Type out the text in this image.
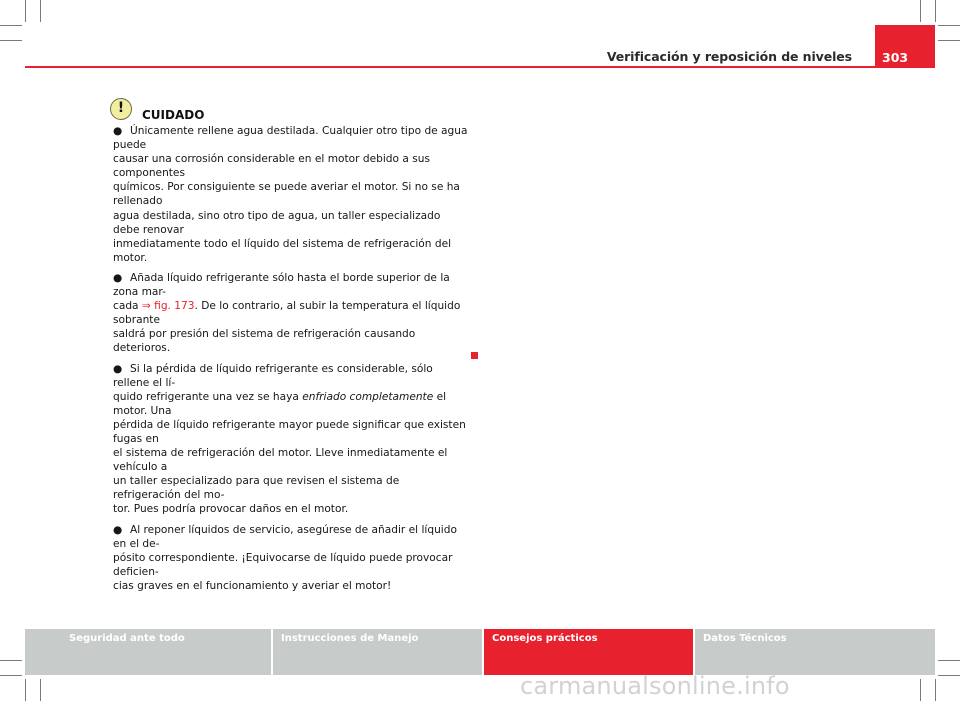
Verificación y reposición de niveles 303
!	CUIDADO

● Únicamente rellene agua destilada. Cualquier otro tipo de agua puede
causar una corrosión considerable en el motor debido a sus componentes
químicos. Por consiguiente se puede averiar el motor. Si no se ha rellenado
agua destilada, sino otro tipo de agua, un taller especializado debe renovar
inmediatamente todo el líquido del sistema de refrigeración del motor.

● Añada líquido refrigerante sólo hasta el borde superior de la zona mar-
cada ⇒ fig. 173. De lo contrario, al subir la temperatura el líquido sobrante
saldrá por presión del sistema de refrigeración causando deterioros.

● Si la pérdida de líquido refrigerante es considerable, sólo rellene el lí-
quido refrigerante una vez se haya enfriado completamente el motor. Una
pérdida de líquido refrigerante mayor puede significar que existen fugas en
el sistema de refrigeración del motor. Lleve inmediatamente el vehículo a
un taller especializado para que revisen el sistema de refrigeración del mo-
tor. Pues podría provocar daños en el motor.

● Al reponer líquidos de servicio, asegúrese de añadir el líquido en el de-
pósito correspondiente. ¡Equivocarse de líquido puede provocar deficien-
cias graves en el funcionamiento y averiar el motor!

Seguridad ante todo	Instrucciones de Manejo	Consejos prácticos	Datos Técnicos
carmanualsonline.info
